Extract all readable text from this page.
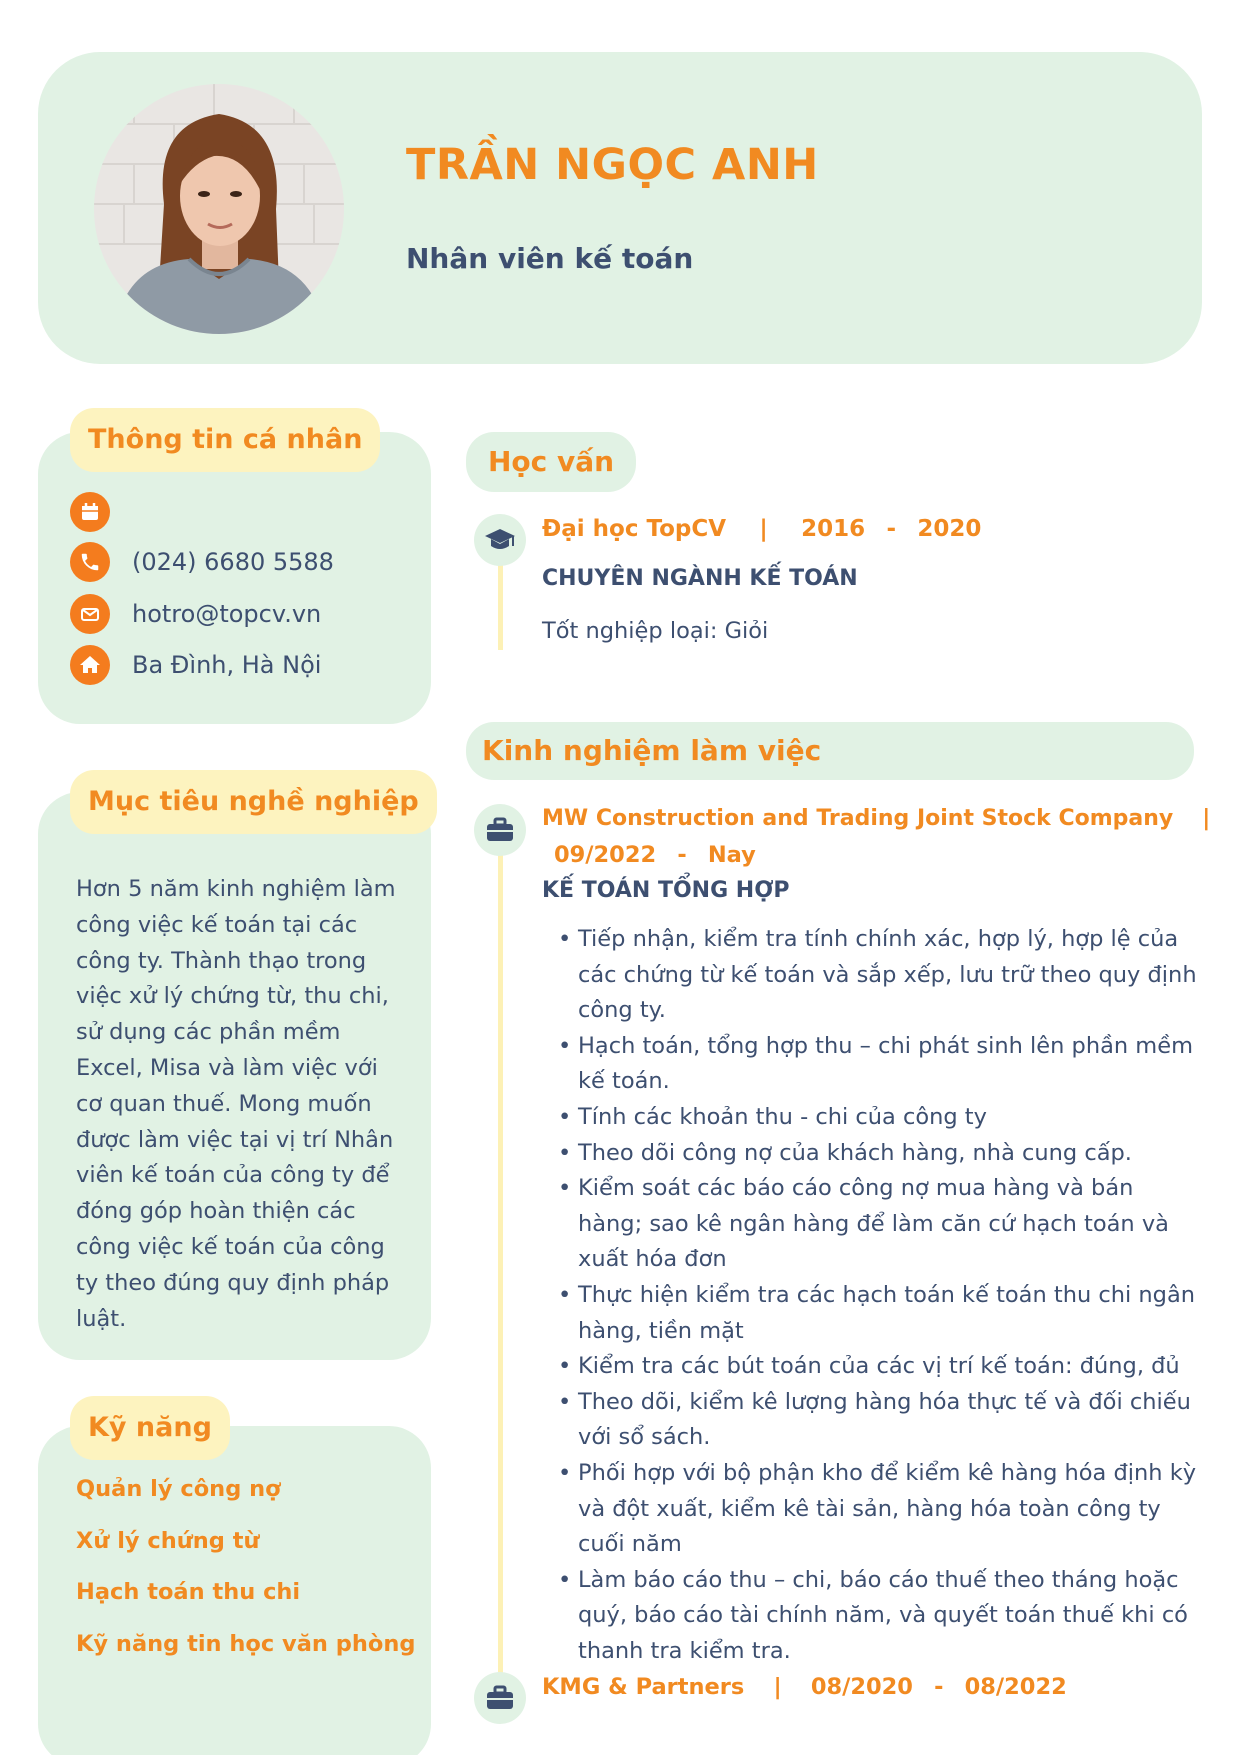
TRẦN NGỌC ANH
Nhân viên kế toán
(024) 6680 5588
hotro@topcv.vn
Ba Đình, Hà Nội
Thông tin cá nhân
Hơn 5 năm kinh nghiệm làm công việc kế toán tại các công ty. Thành thạo trong việc xử lý chứng từ, thu chi, sử dụng các phần mềm Excel, Misa và làm việc với cơ quan thuế. Mong muốn được làm việc tại vị trí Nhân viên kế toán của công ty để đóng góp hoàn thiện các công việc kế toán của công ty theo đúng quy định pháp luật.
Mục tiêu nghề nghiệp
Quản lý công nợ
Xử lý chứng từ
Hạch toán thu chi
Kỹ năng tin học văn phòng
Kỹ năng
Học vấn
Đại học TopCV | 2016 - 2020
CHUYÊN NGÀNH KẾ TOÁN
Tốt nghiệp loại: Giỏi
Kinh nghiệm làm việc
MW Construction and Trading Joint Stock Company |
09/2022 - Nay
KẾ TOÁN TỔNG HỢP
• Tiếp nhận, kiểm tra tính chính xác, hợp lý, hợp lệ của các chứng từ kế toán và sắp xếp, lưu trữ theo quy định công ty.
• Hạch toán, tổng hợp thu – chi phát sinh lên phần mềm kế toán.
• Tính các khoản thu - chi của công ty
• Theo dõi công nợ của khách hàng, nhà cung cấp.
• Kiểm soát các báo cáo công nợ mua hàng và bán hàng; sao kê ngân hàng để làm căn cứ hạch toán và xuất hóa đơn
• Thực hiện kiểm tra các hạch toán kế toán thu chi ngân hàng, tiền mặt
• Kiểm tra các bút toán của các vị trí kế toán: đúng, đủ
• Theo dõi, kiểm kê lượng hàng hóa thực tế và đối chiếu với sổ sách.
• Phối hợp với bộ phận kho để kiểm kê hàng hóa định kỳ và đột xuất, kiểm kê tài sản, hàng hóa toàn công ty cuối năm
• Làm báo cáo thu – chi, báo cáo thuế theo tháng hoặc quý, báo cáo tài chính năm, và quyết toán thuế khi có thanh tra kiểm tra.
KMG & Partners | 08/2020 - 08/2022
